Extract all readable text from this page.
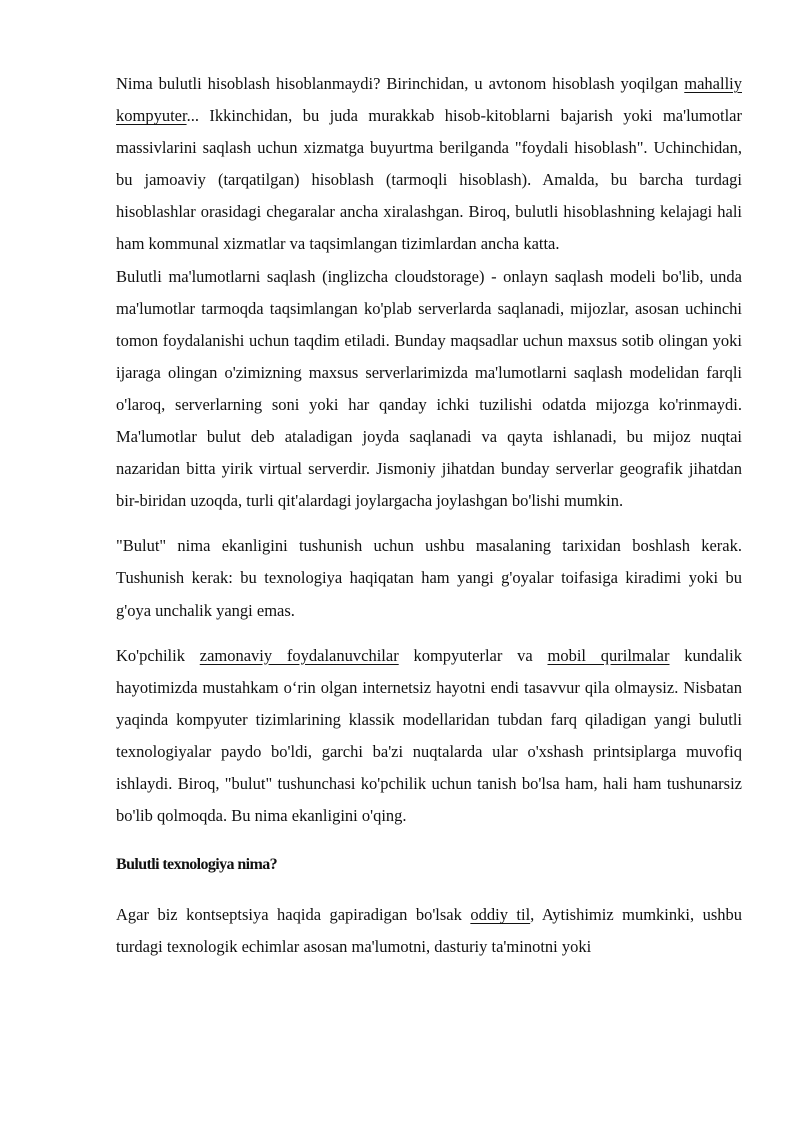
Nima bulutli hisoblash hisoblanmaydi? Birinchidan, u avtonom hisoblash yoqilgan mahalliy kompyuter... Ikkinchidan, bu juda murakkab hisob-kitoblarni bajarish yoki ma'lumotlar massivlarini saqlash uchun xizmatga buyurtma berilganda "foydali hisoblash". Uchinchidan, bu jamoaviy (tarqatilgan) hisoblash (tarmoqli hisoblash). Amalda, bu barcha turdagi hisoblashlar orasidagi chegaralar ancha xiralashgan. Biroq, bulutli hisoblashning kelajagi hali ham kommunal xizmatlar va taqsimlangan tizimlardan ancha katta.

Bulutli ma'lumotlarni saqlash (inglizcha cloudstorage) - onlayn saqlash modeli bo'lib, unda ma'lumotlar tarmoqda taqsimlangan ko'plab serverlarda saqlanadi, mijozlar, asosan uchinchi tomon foydalanishi uchun taqdim etiladi. Bunday maqsadlar uchun maxsus sotib olingan yoki ijaraga olingan o'zimizning maxsus serverlarimizda ma'lumotlarni saqlash modelidan farqli o'laroq, serverlarning soni yoki har qanday ichki tuzilishi odatda mijozga ko'rinmaydi. Ma'lumotlar bulut deb ataladigan joyda saqlanadi va qayta ishlanadi, bu mijoz nuqtai nazaridan bitta yirik virtual serverdir. Jismoniy jihatdan bunday serverlar geografik jihatdan bir-biridan uzoqda, turli qit'alardagi joylargacha joylashgan bo'lishi mumkin.

"Bulut" nima ekanligini tushunish uchun ushbu masalaning tarixidan boshlash kerak. Tushunish kerak: bu texnologiya haqiqatan ham yangi g'oyalar toifasiga kiradimi yoki bu g'oya unchalik yangi emas.

Ko'pchilik zamonaviy foydalanuvchilar kompyuterlar va mobil qurilmalar kundalik hayotimizda mustahkam o‘rin olgan internetsiz hayotni endi tasavvur qila olmaysiz. Nisbatan yaqinda kompyuter tizimlarining klassik modellaridan tubdan farq qiladigan yangi bulutli texnologiyalar paydo bo'ldi, garchi ba'zi nuqtalarda ular o'xshash printsiplarga muvofiq ishlaydi. Biroq, "bulut" tushunchasi ko'pchilik uchun tanish bo'lsa ham, hali ham tushunarsiz bo'lib qolmoqda. Bu nima ekanligini o'qing.

Bulutli texnologiya nima?

Agar biz kontseptsiya haqida gapiradigan bo'lsak oddiy til, Aytishimiz mumkinki, ushbu turdagi texnologik echimlar asosan ma'lumotni, dasturiy ta'minotni yoki
